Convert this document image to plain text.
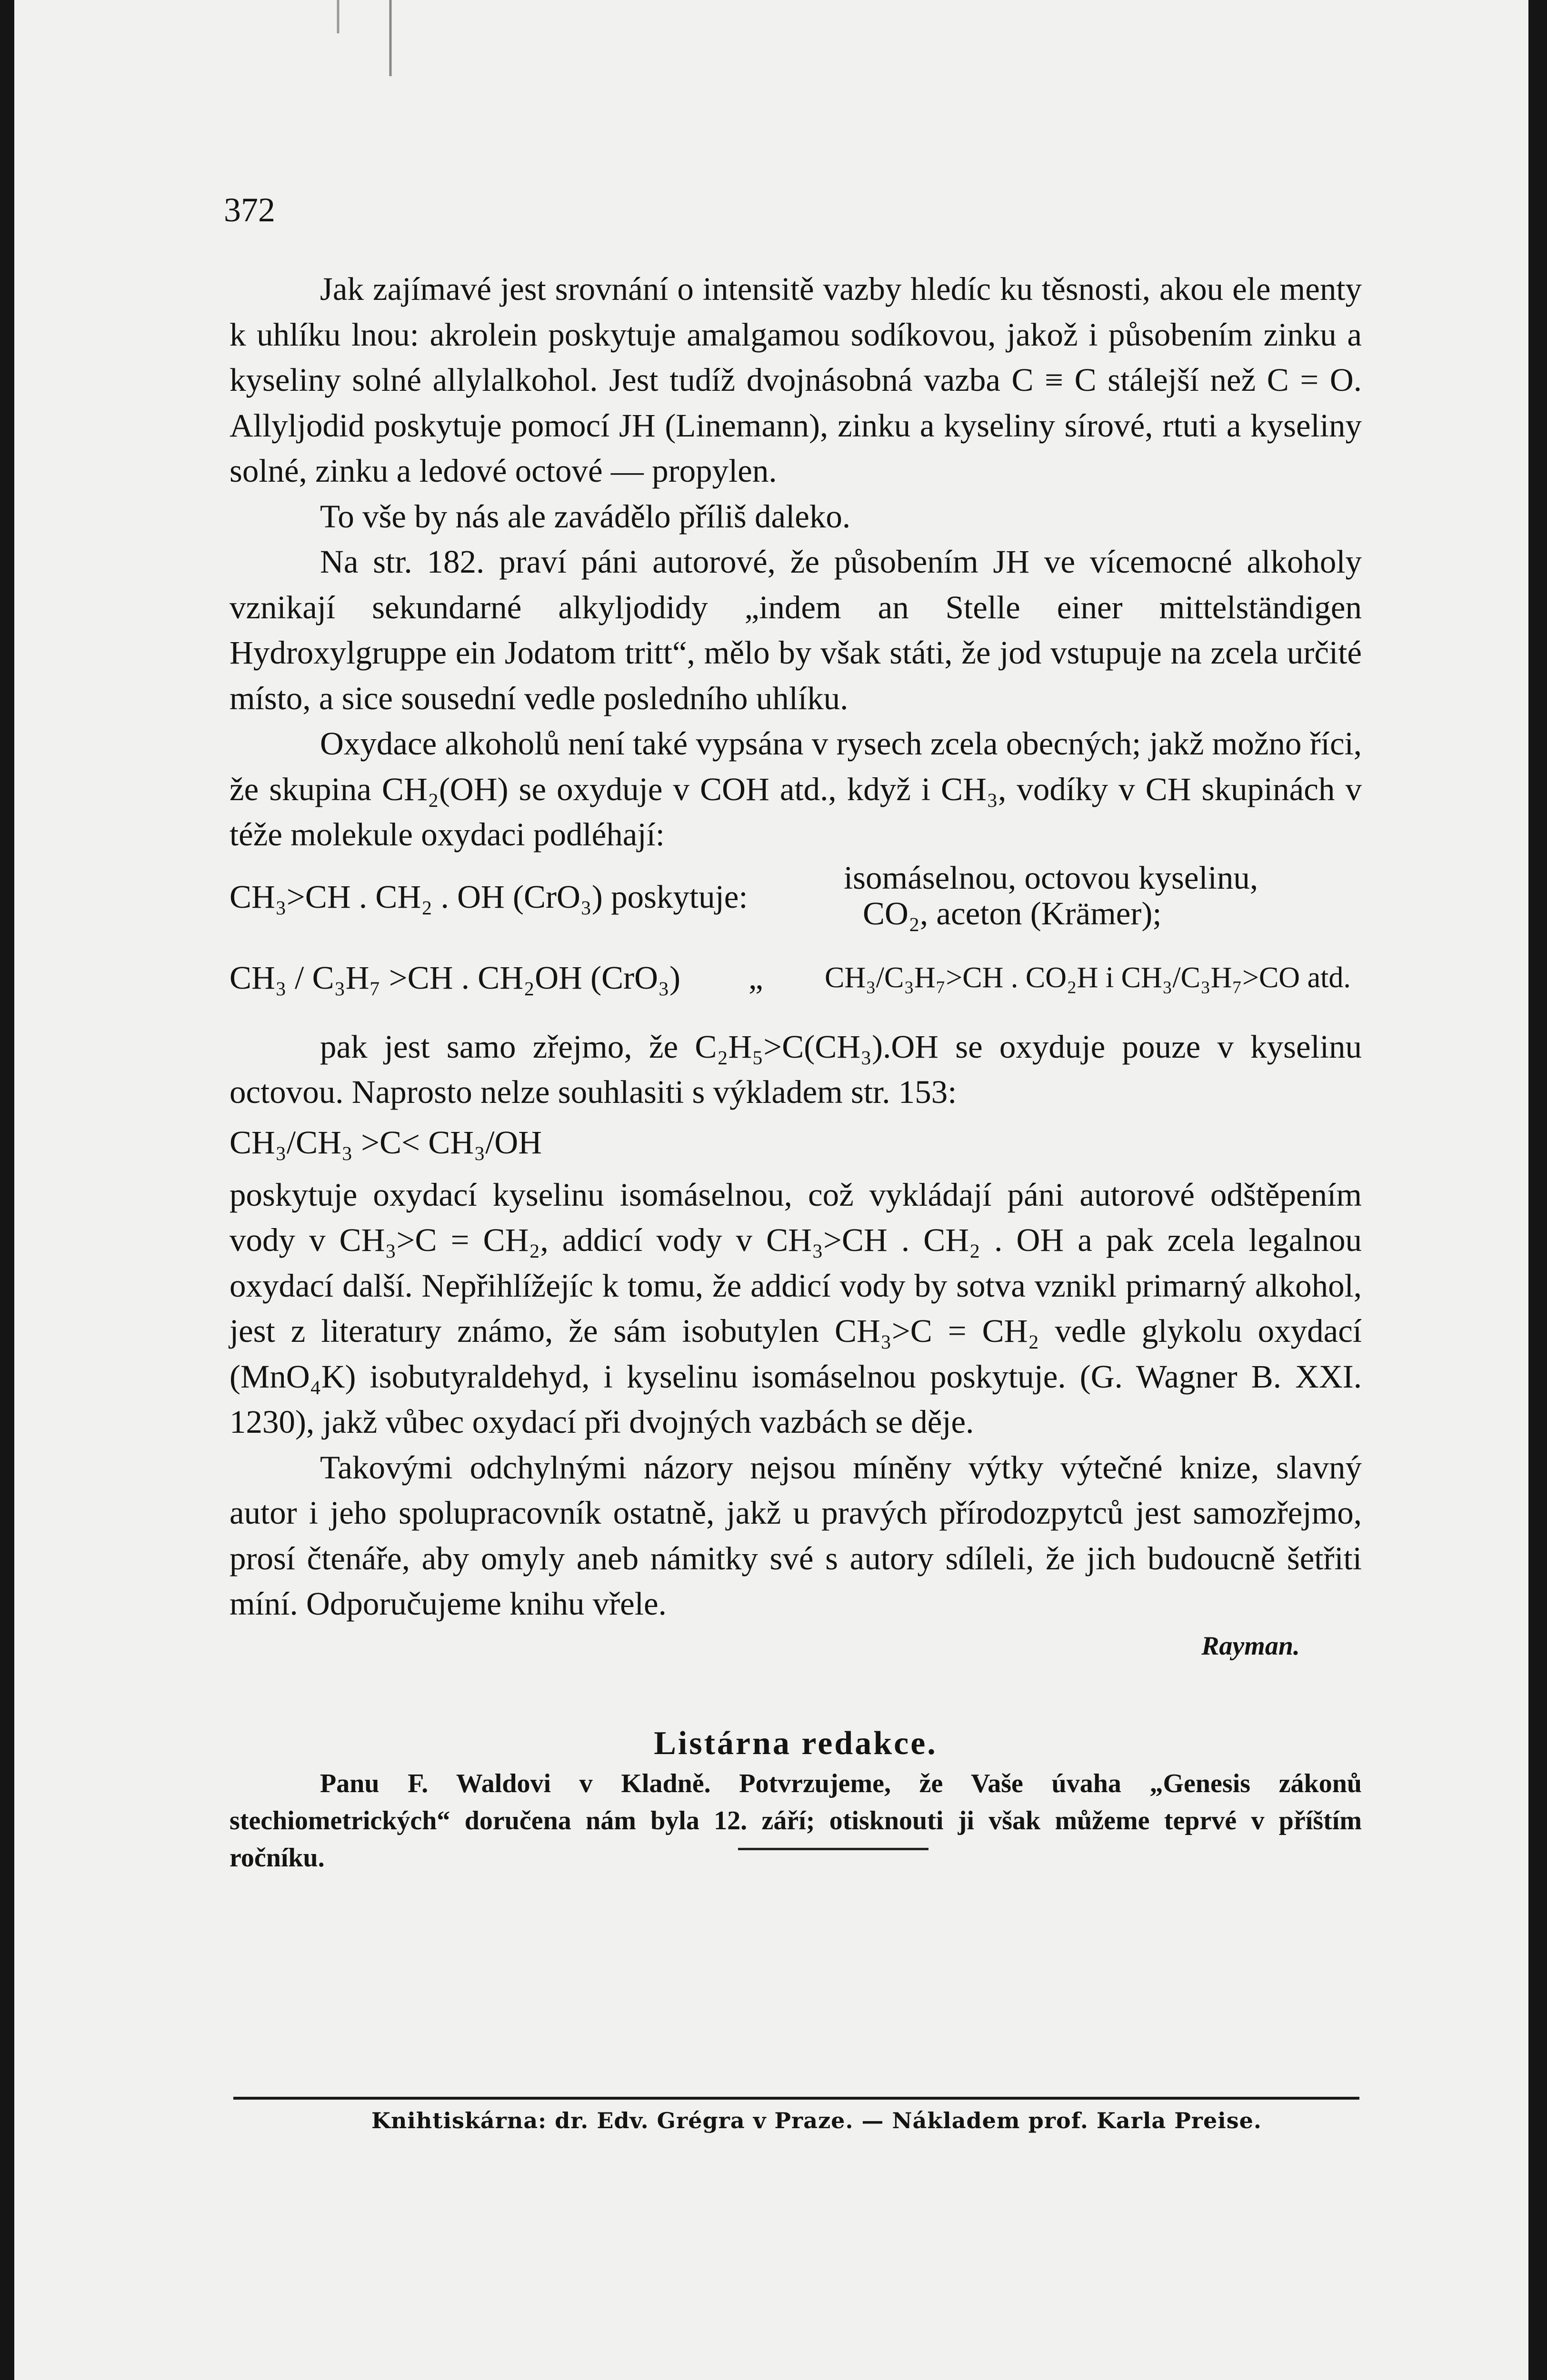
372

Jak zajímavé jest srovnání o intensitě vazby hledíc ku těsnosti, akou ele menty k uhlíku lnou: akrolein poskytuje amalgamou sodíkovou, jakož i působením zinku a kyseliny solné allylalkohol. Jest tudíž dvojnásobná vazba C ≡ C stálejší než C = O. Allyljodid poskytuje pomocí JH (Linemann), zinku a kyseliny sírové, rtuti a kyseliny solné, zinku a ledové octové — propylen.

To vše by nás ale zavádělo příliš daleko.

Na str. 182. praví páni autorové, že působením JH ve vícemocné alkoholy vznikají sekundarné alkyljodidy „indem an Stelle einer mittelständigen Hydroxylgruppe ein Jodatom tritt“, mělo by však státi, že jod vstupuje na zcela určité místo, a sice sousední vedle posledního uhlíku.

Oxydace alkoholů není také vypsána v rysech zcela obecných; jakž možno říci, že skupina CH₂(OH) se oxyduje v COH atd., když i CH₃, vodíky v CH skupinách v téže molekule oxydaci podléhají:

CH₃>CH . CH₂ . OH (CrO₃) poskytuje:
isomáselnou, octovou kyselinu,
CO₂, aceton (Krämer);
CH₃ / C₃H₇ >CH . CH₂OH (CrO₃) „ CH₃/C₃H₇>CH . CO₂H i CH₃/C₃H₇>CO atd.

pak jest samo zřejmo, že C₂H₅>C(CH₃).OH se oxyduje pouze v kyselinu octovou. Naprosto nelze souhlasiti s výkladem str. 153:

CH₃/CH₃ >C< CH₃/OH

poskytuje oxydací kyselinu isomáselnou, což vykládají páni autorové odštěpením vody v CH₃>C = CH₂, addicí vody v CH₃>CH . CH₂ . OH a pak zcela legalnou oxydací další. Nepřihlížejíc k tomu, že addicí vody by sotva vznikl primarný alkohol, jest z literatury známo, že sám isobutylen CH₃>C = CH₂ vedle glykolu oxydací (MnO₄K) isobutyraldehyd, i kyselinu isomáselnou poskytuje. (G. Wagner B. XXI. 1230), jakž vůbec oxydací při dvojných vazbách se děje.

Takovými odchylnými názory nejsou míněny výtky výtečné knize, slavný autor i jeho spolupracovník ostatně, jakž u pravých přírodozpytců jest samozřejmo, prosí čtenáře, aby omyly aneb námitky své s autory sdíleli, že jich budoucně šetřiti míní. Odporučujeme knihu vřele.

Rayman.
Listárna redakce.

Panu F. Waldovi v Kladně. Potvrzujeme, že Vaše úvaha „Genesis zákonů stechiometrických“ doručena nám byla 12. září; otisknouti ji však můžeme teprvé v příštím ročníku.

Knihtiskárna: dr. Edv. Grégra v Praze. — Nákladem prof. Karla Preise.
